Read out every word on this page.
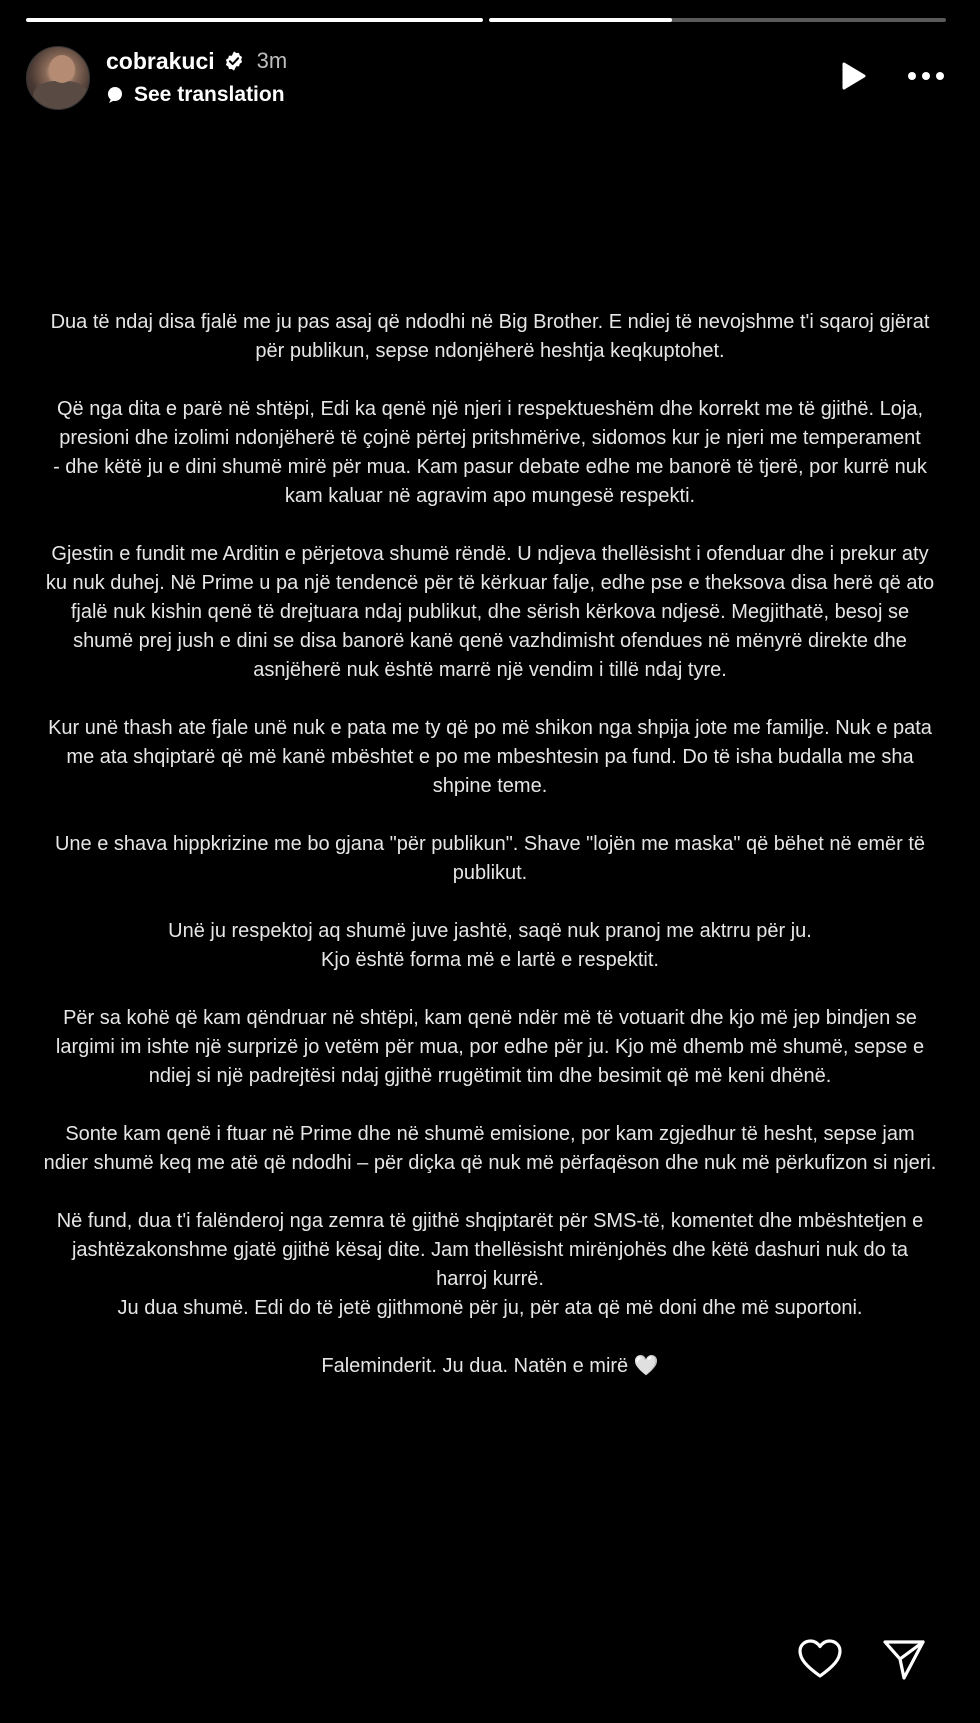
cobrakuci 3m
See translation

Dua të ndaj disa fjalë me ju pas asaj që ndodhi në Big Brother. E ndiej të nevojshme t'i sqaroj gjërat
për publikun, sepse ndonjëherë heshtja keqkuptohet.

Që nga dita e parë në shtëpi, Edi ka qenë një njeri i respektueshëm dhe korrekt me të gjithë. Loja,
presioni dhe izolimi ndonjëherë të çojnë përtej pritshmërive, sidomos kur je njeri me temperament
- dhe këtë ju e dini shumë mirë për mua. Kam pasur debate edhe me banorë të tjerë, por kurrë nuk
kam kaluar në agravim apo mungesë respekti.

Gjestin e fundit me Arditin e përjetova shumë rëndë. U ndjeva thellësisht i ofenduar dhe i prekur aty
ku nuk duhej. Në Prime u pa një tendencë për të kërkuar falje, edhe pse e theksova disa herë që ato
fjalë nuk kishin qenë të drejtuara ndaj publikut, dhe sërish kërkova ndjesë. Megjithatë, besoj se
shumë prej jush e dini se disa banorë kanë qenë vazhdimisht ofendues në mënyrë direkte dhe
asnjëherë nuk është marrë një vendim i tillë ndaj tyre.

Kur unë thash ate fjale unë nuk e pata me ty që po më shikon nga shpija jote me familje. Nuk e pata
me ata shqiptarë që më kanë mbështet e po me mbeshtesin pa fund. Do të isha budalla me sha
shpine teme.

Une e shava hippkrizine me bo gjana "për publikun". Shave "lojën me maska" që bëhet në emër të
publikut.

Unë ju respektoj aq shumë juve jashtë, saqë nuk pranoj me aktrru për ju.

Kjo është forma më e lartë e respektit.

Për sa kohë që kam qëndruar në shtëpi, kam qenë ndër më të votuarit dhe kjo më jep bindjen se
largimi im ishte një surprizë jo vetëm për mua, por edhe për ju. Kjo më dhemb më shumë, sepse e
ndiej si një padrejtësi ndaj gjithë rrugëtimit tim dhe besimit që më keni dhënë.

Sonte kam qenë i ftuar në Prime dhe në shumë emisione, por kam zgjedhur të hesht, sepse jam
ndier shumë keq me atë që ndodhi – për diçka që nuk më përfaqëson dhe nuk më përkufizon si njeri.

Në fund, dua t'i falënderoj nga zemra të gjithë shqiptarët për SMS-të, komentet dhe mbështetjen e
jashtëzakonshme gjatë gjithë kësaj dite. Jam thellësisht mirënjohës dhe këtë dashuri nuk do ta
harroj kurrë.

Ju dua shumë. Edi do të jetë gjithmonë për ju, për ata që më doni dhe më suportoni.

Faleminderit. Ju dua. Natën e mirë 🤍
